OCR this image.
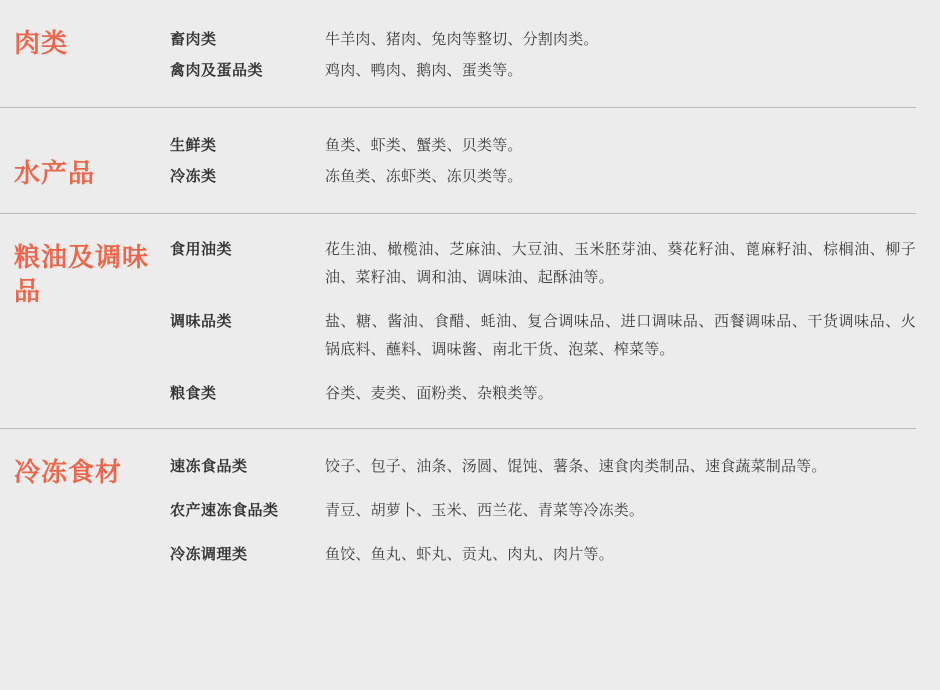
肉类	畜肉类	牛羊肉、猪肉、兔肉等整切、分割肉类。
禽肉及蛋品类	鸡肉、鸭肉、鹅肉、蛋类等。
水产品
生鲜类	鱼类、虾类、蟹类、贝类等。
冷冻类	冻鱼类、冻虾类、冻贝类等。
粮油及调味品
食用油类	花生油、橄榄油、芝麻油、大豆油、玉米胚芽油、葵花籽油、蓖麻籽油、棕榈油、柳子油、菜籽油、调和油、调味油、起酥油等。
调味品类	盐、糖、酱油、食醋、蚝油、复合调味品、进口调味品、西餐调味品、干货调味品、火锅底料、蘸料、调味酱、南北干货、泡菜、榨菜等。
粮食类	谷类、麦类、面粉类、杂粮类等。
冷冻食材	速冻食品类	饺子、包子、油条、汤圆、馄饨、薯条、速食肉类制品、速食蔬菜制品等。
农产速冻食品类	青豆、胡萝卜、玉米、西兰花、青菜等冷冻类。
冷冻调理类	鱼饺、鱼丸、虾丸、贡丸、肉丸、肉片等。
